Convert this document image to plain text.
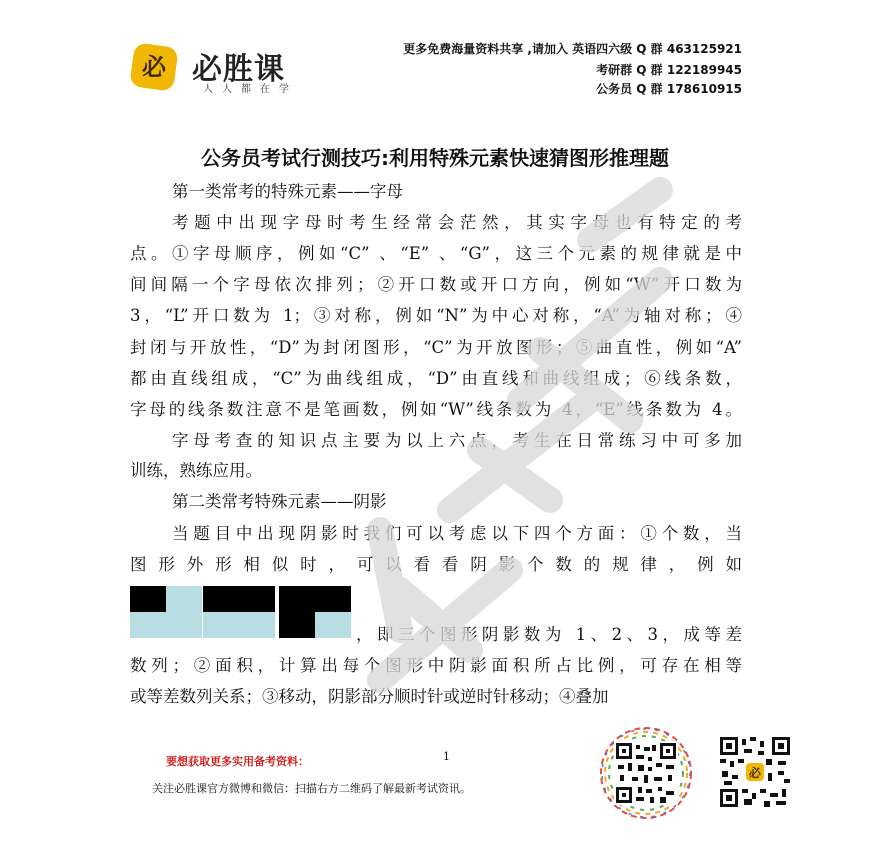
必 必胜课
人人都在学
更多免费海量资料共享 ,请加入 英语四六级 Q 群 463125921
考研群 Q 群 122189945
公务员 Q 群 178610915
公务员考试行测技巧:利用特殊元素快速猜图形推理题
第一类常考的特殊元素——字母
考题中出现字母时考生经常会茫然，其实字母也有特定的考
点。①字母顺序，例如“C” 、“E” 、“G”，这三个元素的规律就是中
间间隔一个字母依次排列；②开口数或开口方向，例如“W”开口数为
3，“L”开口数为 1；③对称，例如“N”为中心对称，“A”为轴对称；④
封闭与开放性，“D”为封闭图形，“C”为开放图形；⑤曲直性，例如“A”
都由直线组成，“C”为曲线组成，“D”由直线和曲线组成；⑥线条数，
字母的线条数注意不是笔画数，例如“W”线条数为 4，“E”线条数为 4。
字母考查的知识点主要为以上六点，考生在日常练习中可多加
训练，熟练应用。
第二类常考特殊元素——阴影
当题目中出现阴影时我们可以考虑以下四个方面：①个数，当
图形外形相似时，可以看看阴影个数的规律，例如
，即三个图形阴影数为 1、2、3，成等差
数列；②面积，计算出每个图形中阴影面积所占比例，可存在相等
或等差数列关系；③移动，阴影部分顺时针或逆时针移动；④叠加
要想获取更多实用备考资料：	1
关注必胜课官方微博和微信：扫描右方二维码了解最新考试资讯。
必
